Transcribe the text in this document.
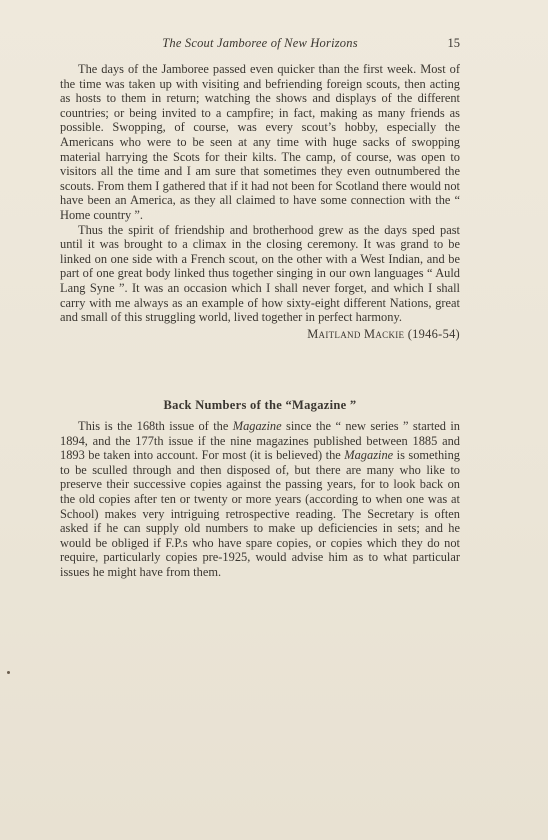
The Scout Jamboree of New Horizons	15

The days of the Jamboree passed even quicker than the first week. Most of the time was taken up with visiting and befriending foreign scouts, then acting as hosts to them in return; watching the shows and displays of the different countries; or being invited to a campfire; in fact, making as many friends as possible. Swopping, of course, was every scout’s hobby, especially the Americans who were to be seen at any time with huge sacks of swopping material harrying the Scots for their kilts. The camp, of course, was open to visitors all the time and I am sure that sometimes they even outnumbered the scouts. From them I gathered that if it had not been for Scotland there would not have been an America, as they all claimed to have some connection with the “ Home country ”.

Thus the spirit of friendship and brotherhood grew as the days sped past until it was brought to a climax in the closing ceremony. It was grand to be linked on one side with a French scout, on the other with a West Indian, and be part of one great body linked thus together singing in our own languages “ Auld Lang Syne ”. It was an occasion which I shall never forget, and which I shall carry with me always as an example of how sixty-eight different Nations, great and small of this struggling world, lived together in perfect harmony.

Maitland Mackie (1946-54)
Back Numbers of the “Magazine ”

This is the 168th issue of the Magazine since the “ new series ” started in 1894, and the 177th issue if the nine magazines published between 1885 and 1893 be taken into account. For most (it is believed) the Magazine is something to be sculled through and then disposed of, but there are many who like to preserve their successive copies against the passing years, for to look back on the old copies after ten or twenty or more years (according to when one was at School) makes very intriguing retrospective reading. The Secretary is often asked if he can supply old numbers to make up deficiencies in sets; and he would be obliged if F.P.s who have spare copies, or copies which they do not require, particularly copies pre-1925, would advise him as to what particular issues he might have from them.
